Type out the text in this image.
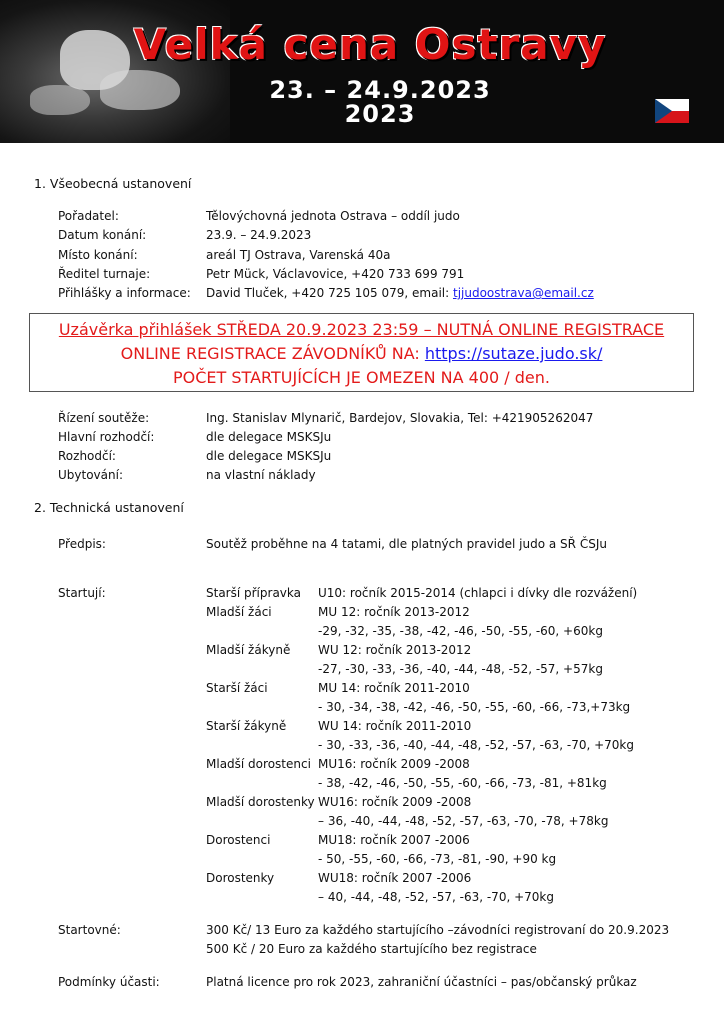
Velká cena Ostravy
23. – 24.9.2023
2023
1. Všeobecná ustanovení
Pořadatel:	Tělovýchovná jednota Ostrava – oddíl judo
Datum konání:	23.9. – 24.9.2023
Místo konání:	areál TJ Ostrava, Varenská 40a
Ředitel turnaje:	Petr Mück, Václavovice, +420 733 699 791
Přihlášky a informace: David Tluček, +420 725 105 079, email: tjjudoostrava@email.cz
Uzávěrka přihlášek STŘEDA 20.9.2023 23:59 – NUTNÁ ONLINE REGISTRACE
ONLINE REGISTRACE ZÁVODNÍKŮ NA: https://sutaze.judo.sk/
POČET STARTUJÍCÍCH JE OMEZEN NA 400 / den.
Řízení soutěže:	Ing. Stanislav Mlynarič, Bardejov, Slovakia, Tel: +421905262047
Hlavní rozhodčí:	dle delegace MSKSJu
Rozhodčí:	dle delegace MSKSJu
Ubytování:	na vlastní náklady
2. Technická ustanovení
Předpis:	Soutěž proběhne na 4 tatami, dle platných pravidel judo a SŘ ČSJu
Startují:	Starší přípravka U10: ročník 2015-2014 (chlapci i dívky dle rozvážení)
Mladší žáci	MU 12: ročník 2013-2012
-29, -32, -35, -38, -42, -46, -50, -55, -60, +60kg
Mladší žákyně WU 12: ročník 2013-2012
-27, -30, -33, -36, -40, -44, -48, -52, -57, +57kg
Starší žáci	MU 14: ročník 2011-2010
- 30, -34, -38, -42, -46, -50, -55, -60, -66, -73,+73kg
Starší žákyně	WU 14: ročník 2011-2010
- 30, -33, -36, -40, -44, -48, -52, -57, -63, -70, +70kg
Mladší dorostenci MU16: ročník 2009 -2008
- 38, -42, -46, -50, -55, -60, -66, -73, -81, +81kg
Mladší dorostenky WU16: ročník 2009 -2008
– 36, -40, -44, -48, -52, -57, -63, -70, -78, +78kg
Dorostenci	MU18: ročník 2007 -2006
- 50, -55, -60, -66, -73, -81, -90, +90 kg
Dorostenky	WU18: ročník 2007 -2006
– 40, -44, -48, -52, -57, -63, -70, +70kg
Startovné:	300 Kč/ 13 Euro za každého startujícího –závodníci registrovaní do 20.9.2023
500 Kč / 20 Euro za každého startujícího bez registrace
Podmínky účasti:	Platná licence pro rok 2023, zahraniční účastníci – pas/občanský průkaz
